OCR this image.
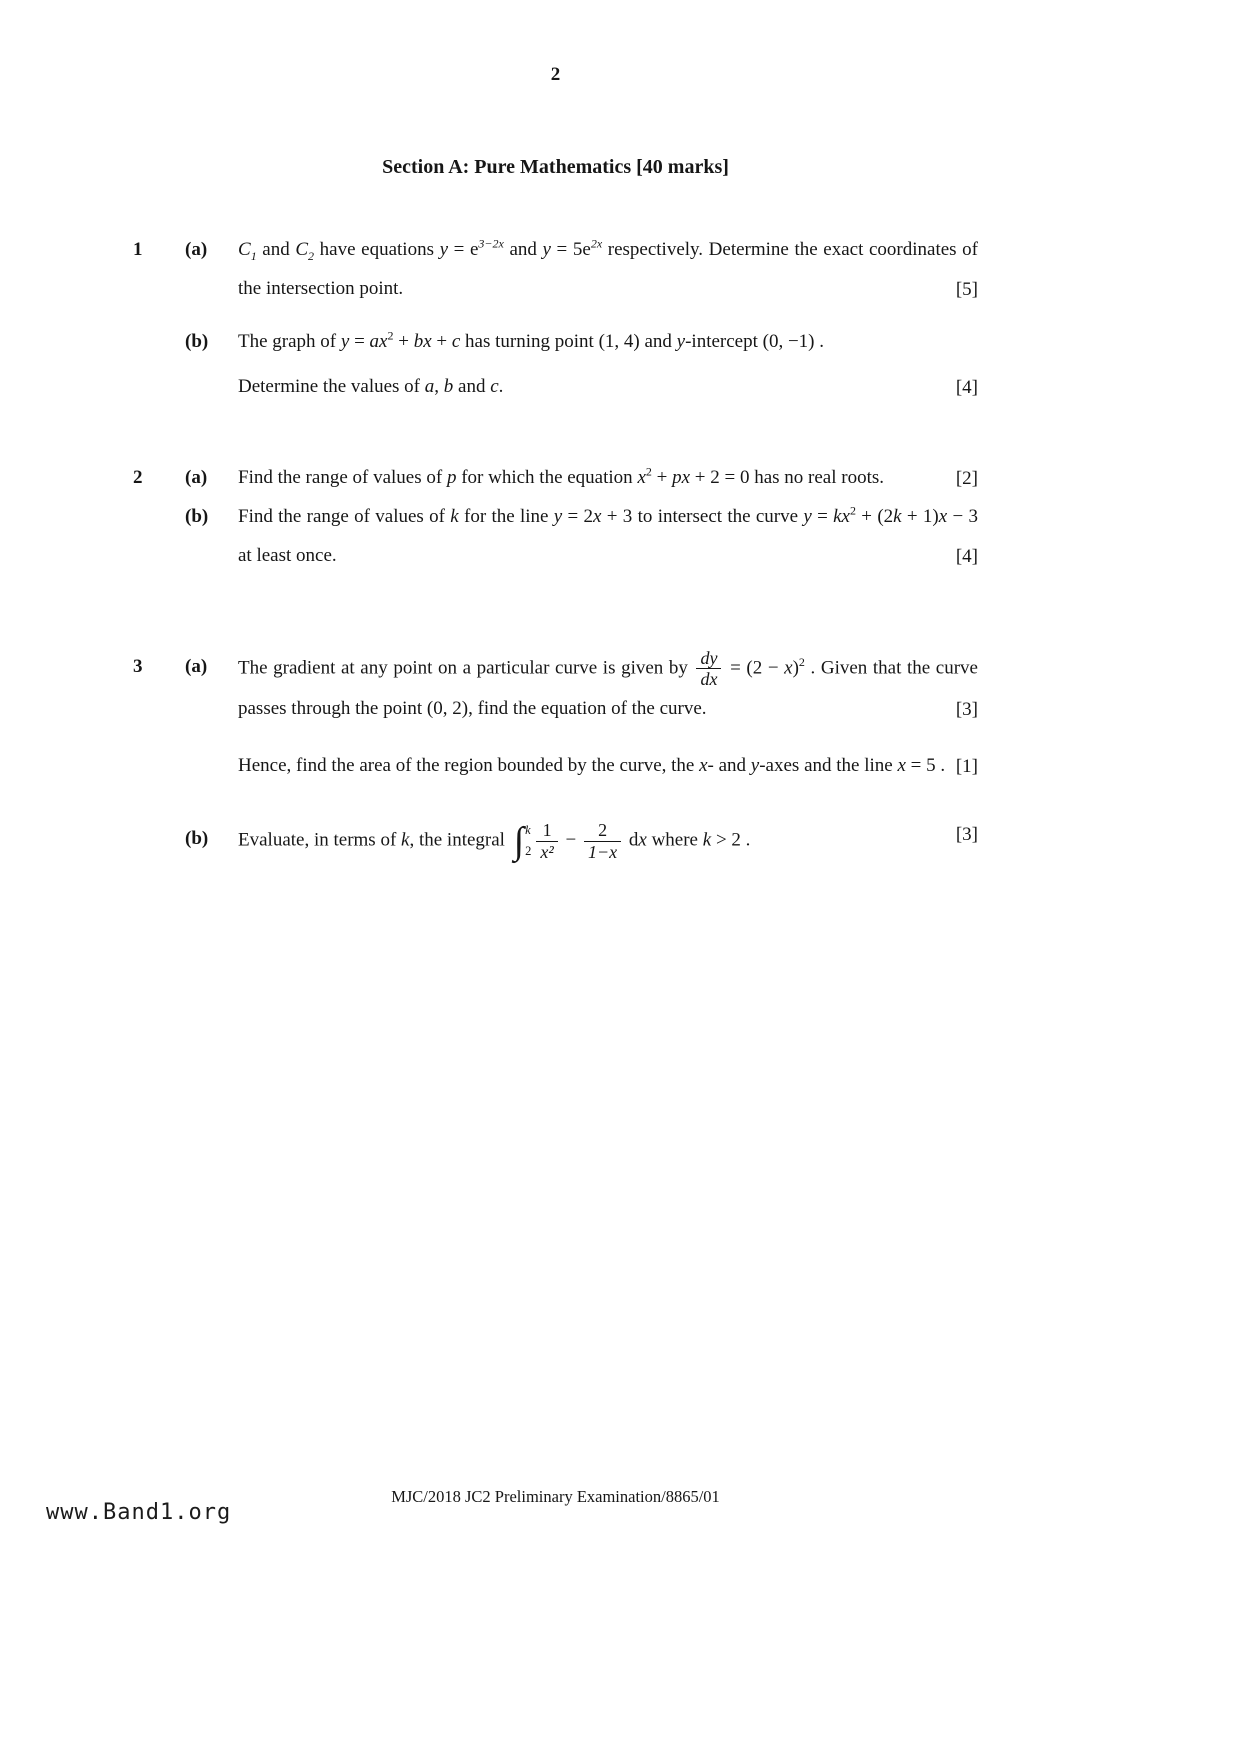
2
Section A: Pure Mathematics [40 marks]
1	(a)	$C_1$ and $C_2$ have equations $y = e^{3-2x}$ and $y = 5e^{2x}$ respectively. Determine the exact coordinates of the intersection point.	[5]
(b)	The graph of $y = ax^2$ + bx + c has turning point (1, 4) and y-intercept (0, −1) .

Determine the values of a, b and c.	[4]
2	(a)	Find the range of values of p for which the equation $x^2$ + px + 2 = 0 has no real roots.	[2]
(b)	Find the range of values of k for the line y = 2x + 3 to intersect the curve $y = kx^2 + (2k + 1)x - 3$ at least once.	[4]
3	(a)	The gradient at any point on a particular curve is given by $\frac{dy}{dx} = (2 - x)^2$ . Given that the curve passes through the point (0, 2), find the equation of the curve.	[3]

Hence, find the area of the region bounded by the curve, the x- and y-axes and the line x = 5 . [1]
(b)	Evaluate, in terms of k, the integral ∫ k
$2 \frac{1}{\text{x²}} - \frac{2}{1-x}$ dx where k > 2 .	[3]
MJC/2018 JC2 Preliminary Examination/8865/01
www.Band1.org
